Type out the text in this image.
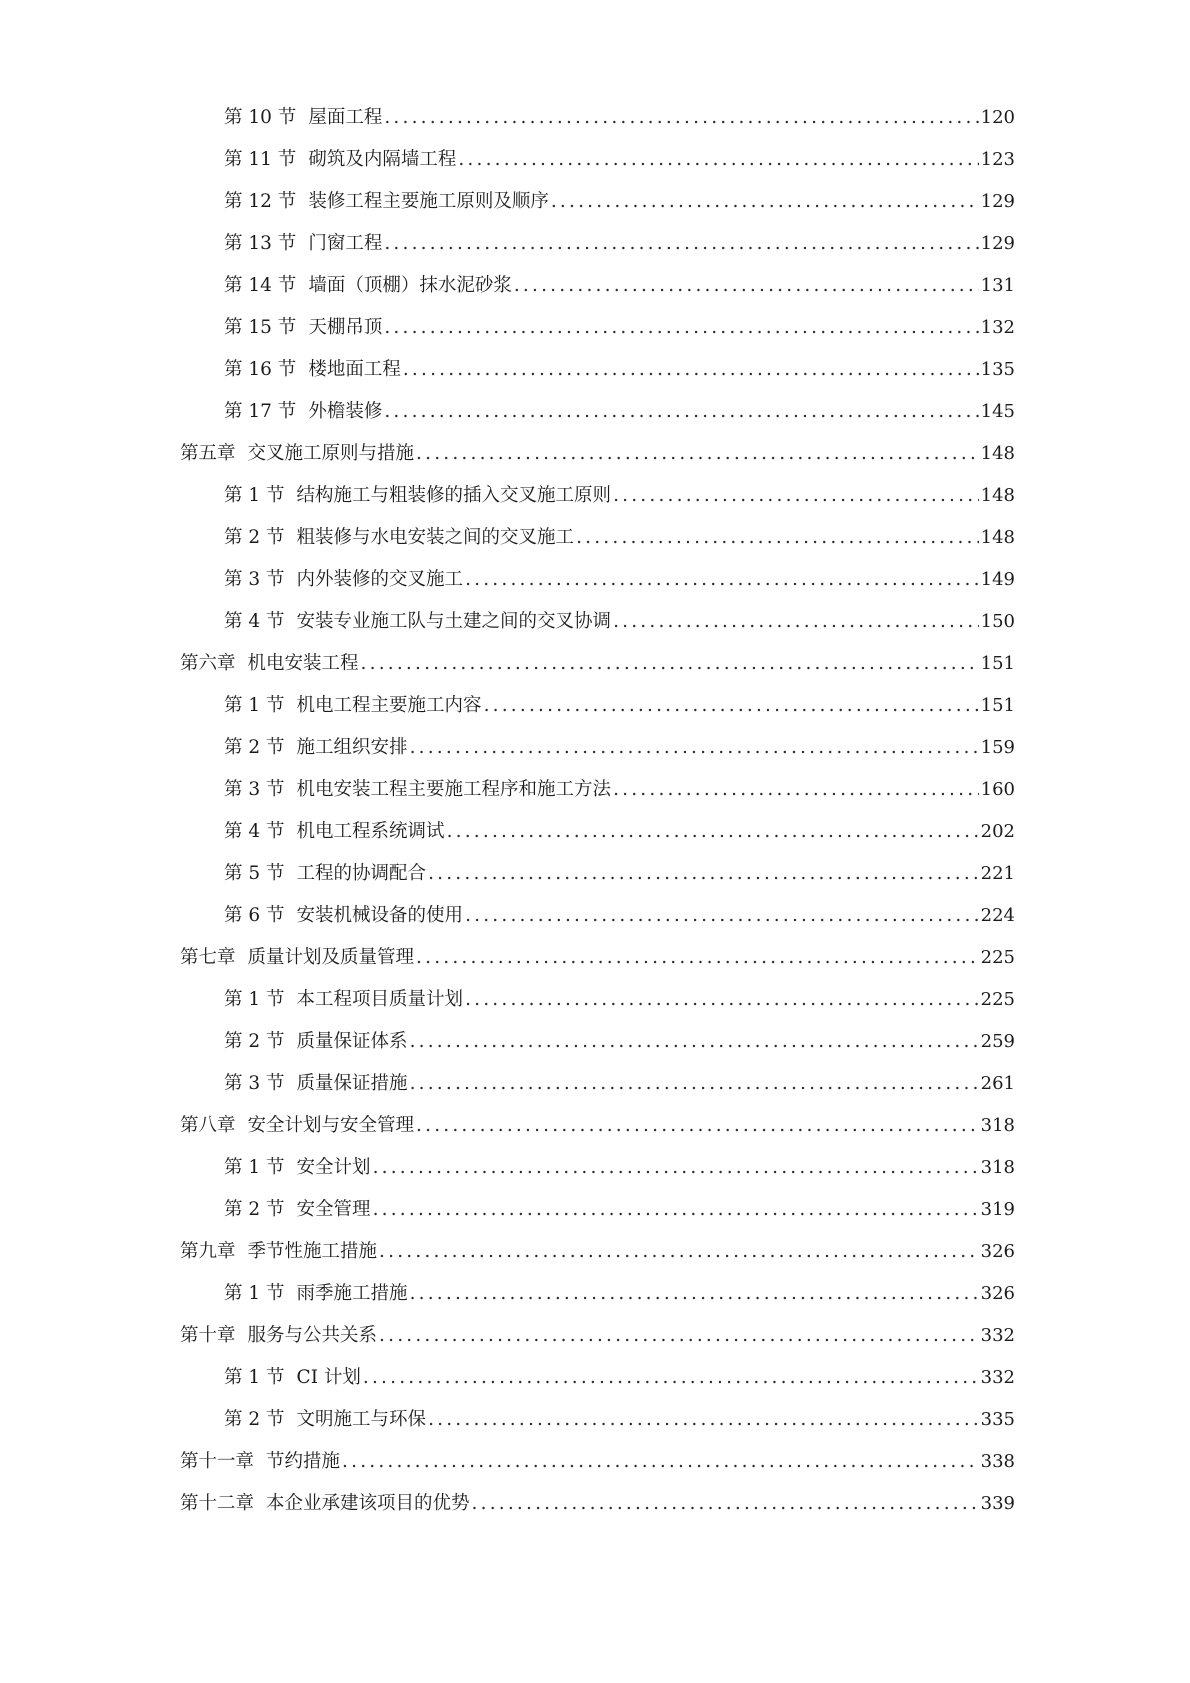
第 10 节 屋面工程 .....	120
第 11 节 砌筑及内隔墙工程 .....	123
第 12 节 装修工程主要施工原则及顺序 .....	129
第 13 节 门窗工程 .....	129
第 14 节 墙面（顶棚）抹水泥砂浆 .....	131
第 15 节 天棚吊顶 .....	132
第 16 节 楼地面工程 .....	135
第 17 节 外檐装修 .....	145
第五章 交叉施工原则与措施 .....	148
第 1 节 结构施工与粗装修的插入交叉施工原则 .....	148
第 2 节 粗装修与水电安装之间的交叉施工 .....	148
第 3 节 内外装修的交叉施工 .....	149
第 4 节 安装专业施工队与土建之间的交叉协调 .....	150
第六章 机电安装工程 .....	151
第 1 节 机电工程主要施工内容 .....	151
第 2 节 施工组织安排 .....	159
第 3 节 机电安装工程主要施工程序和施工方法 .....	160
第 4 节 机电工程系统调试 .....	202
第 5 节 工程的协调配合 .....	221
第 6 节 安装机械设备的使用 .....	224
第七章 质量计划及质量管理 .....	225
第 1 节 本工程项目质量计划 .....	225
第 2 节 质量保证体系 .....	259
第 3 节 质量保证措施 .....	261
第八章 安全计划与安全管理 .....	318
第 1 节 安全计划 .....	318
第 2 节 安全管理 .....	319
第九章 季节性施工措施 .....	326
第 1 节 雨季施工措施 .....	326
第十章 服务与公共关系 .....	332
第 1 节 CI 计划 .....	332
第 2 节 文明施工与环保 .....	335
第十一章 节约措施 .....	338
第十二章 本企业承建该项目的优势 .....	339
